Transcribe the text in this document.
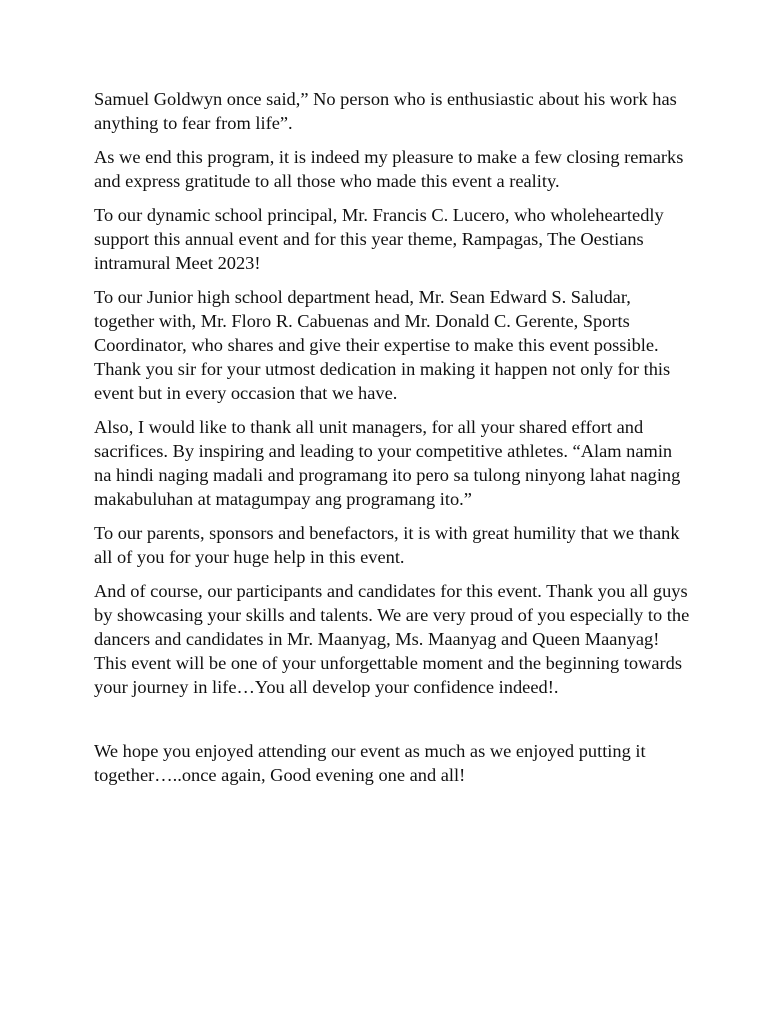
Samuel Goldwyn once said,” No person who is enthusiastic about his work has anything to fear from life”.

As we end this program, it is indeed my pleasure to make a few closing remarks and express gratitude to all those who made this event a reality.

To our dynamic school principal, Mr. Francis C. Lucero, who wholeheartedly support this annual event and for this year theme, Rampagas, The Oestians intramural Meet 2023!

To our Junior high school department head, Mr. Sean Edward S. Saludar, together with, Mr. Floro R. Cabuenas and Mr. Donald C. Gerente, Sports Coordinator, who shares and give their expertise to make this event possible. Thank you sir for your utmost dedication in making it happen not only for this event but in every occasion that we have.

Also, I would like to thank all unit managers, for all your shared effort and sacrifices. By inspiring and leading to your competitive athletes. “Alam namin na hindi naging madali and programang ito pero sa tulong ninyong lahat naging makabuluhan at matagumpay ang programang ito.”

To our parents, sponsors and benefactors, it is with great humility that we thank all of you for your huge help in this event.

And of course, our participants and candidates for this event. Thank you all guys by showcasing your skills and talents. We are very proud of you especially to the dancers and candidates in Mr. Maanyag, Ms. Maanyag and Queen Maanyag! This event will be one of your unforgettable moment and the beginning towards your journey in life…You all develop your confidence indeed!.

We hope you enjoyed attending our event as much as we enjoyed putting it together…..once again, Good evening one and all!
